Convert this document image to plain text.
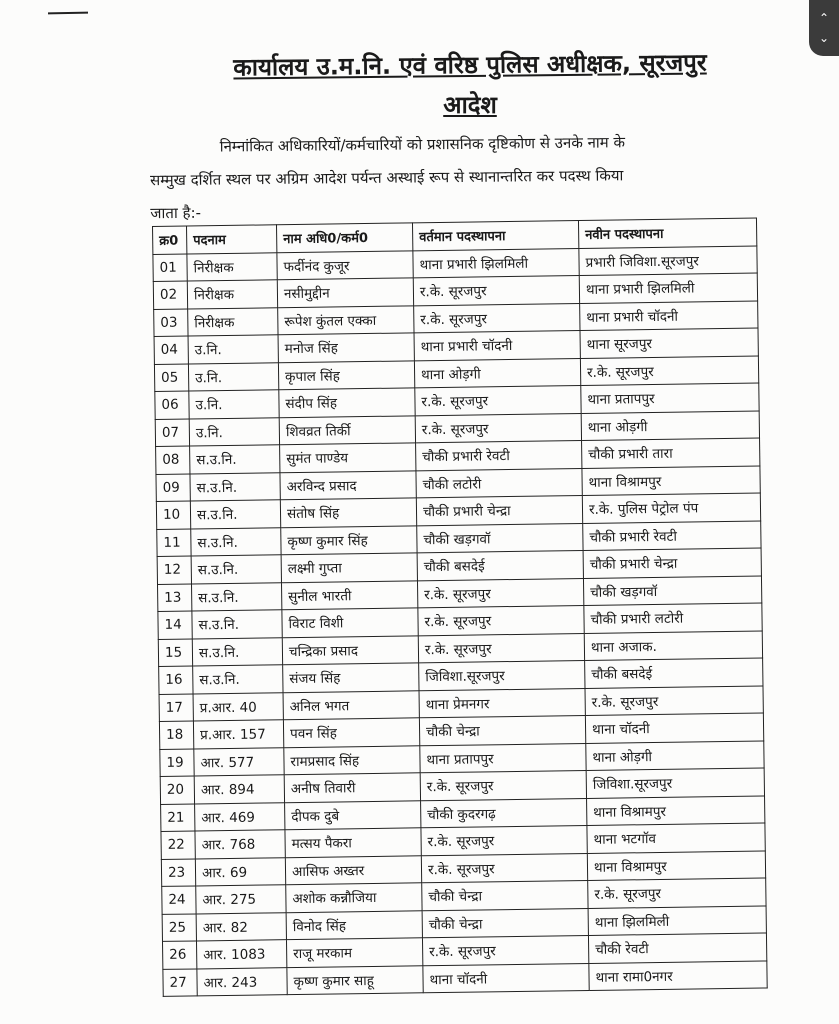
⌃
⌄
कार्यालय उ.म.नि. एवं वरिष्ठ पुलिस अधीक्षक, सूरजपुर
आदेश
निम्नांकित अधिकारियों/कर्मचारियों को प्रशासनिक दृष्टिकोण से उनके नाम के
सम्मुख दर्शित स्थल पर अग्रिम आदेश पर्यन्त अस्थाई रूप से स्थानान्तरित कर पदस्थ किया
जाता है:-
क्र0	पदनाम	नाम अधि0/कर्म0	वर्तमान पदस्थापना	नवीन पदस्थापना
01	निरीक्षक	फर्दीनंद कुजूर	थाना प्रभारी झिलमिली	प्रभारी जिविशा.सूरजपुर
02	निरीक्षक	नसीमुद्दीन	र.के. सूरजपुर	थाना प्रभारी झिलमिली
03	निरीक्षक	रूपेश कुंतल एक्का	र.के. सूरजपुर	थाना प्रभारी चॉदनी
04	उ.नि.	मनोज सिंह	थाना प्रभारी चॉदनी	थाना सूरजपुर
05	उ.नि.	कृपाल सिंह	थाना ओड़गी	र.के. सूरजपुर
06	उ.नि.	संदीप सिंह	र.के. सूरजपुर	थाना प्रतापपुर
07	उ.नि.	शिवव्रत तिर्की	र.के. सूरजपुर	थाना ओड़गी
08	स.उ.नि.	सुमंत पाण्डेय	चौकी प्रभारी रेवटी	चौकी प्रभारी तारा
09	स.उ.नि.	अरविन्द प्रसाद	चौकी लटोरी	थाना विश्रामपुर
10	स.उ.नि.	संतोष सिंह	चौकी प्रभारी चेन्द्रा	र.के. पुलिस पेट्रोल पंप
11	स.उ.नि.	कृष्ण कुमार सिंह	चौकी खड़गवॉ	चौकी प्रभारी रेवटी
12	स.उ.नि.	लक्ष्मी गुप्ता	चौकी बसदेई	चौकी प्रभारी चेन्द्रा
13	स.उ.नि.	सुनील भारती	र.के. सूरजपुर	चौकी खड़गवॉ
14	स.उ.नि.	विराट विशी	र.के. सूरजपुर	चौकी प्रभारी लटोरी
15	स.उ.नि.	चन्द्रिका प्रसाद	र.के. सूरजपुर	थाना अजाक.
16	स.उ.नि.	संजय सिंह	जिविशा.सूरजपुर	चौकी बसदेई
17	प्र.आर. 40	अनिल भगत	थाना प्रेमनगर	र.के. सूरजपुर
18	प्र.आर. 157	पवन सिंह	चौकी चेन्द्रा	थाना चॉदनी
19	आर. 577	रामप्रसाद सिंह	थाना प्रतापपुर	थाना ओड़गी
20	आर. 894	अनीष तिवारी	र.के. सूरजपुर	जिविशा.सूरजपुर
21	आर. 469	दीपक दुबे	चौकी कुदरगढ़	थाना विश्रामपुर
22	आर. 768	मत्सय पैकरा	र.के. सूरजपुर	थाना भटगॉव
23	आर. 69	आसिफ अख्तर	र.के. सूरजपुर	थाना विश्रामपुर
24	आर. 275	अशोक कन्नौजिया	चौकी चेन्द्रा	र.के. सूरजपुर
25	आर. 82	विनोद सिंह	चौकी चेन्द्रा	थाना झिलमिली
26	आर. 1083	राजू मरकाम	र.के. सूरजपुर	चौकी रेवटी
27	आर. 243	कृष्ण कुमार साहू	थाना चॉदनी	थाना रामा0नगर
